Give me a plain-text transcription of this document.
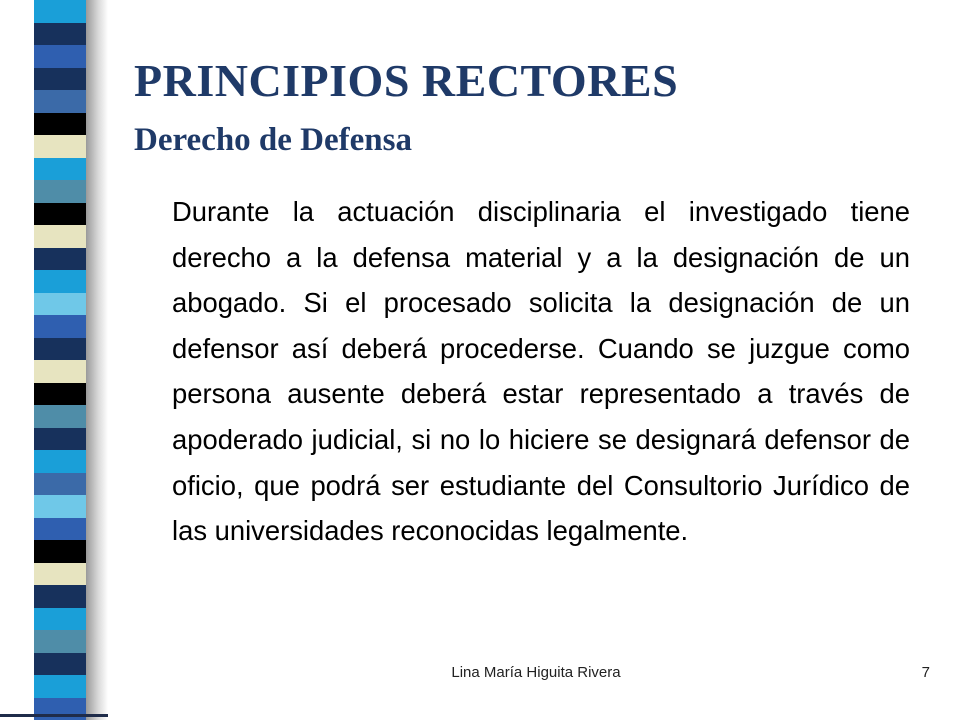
PRINCIPIOS RECTORES
Derecho de Defensa

Durante la actuación disciplinaria el investigado tiene derecho a la defensa material y a la designación de un abogado. Si el procesado solicita la designación de un defensor así deberá procederse. Cuando se juzgue como persona ausente deberá estar representado a través de apoderado judicial, si no lo hiciere se designará defensor de oficio, que podrá ser estudiante del Consultorio Jurídico de las universidades reconocidas legalmente.

Lina María Higuita Rivera	7
